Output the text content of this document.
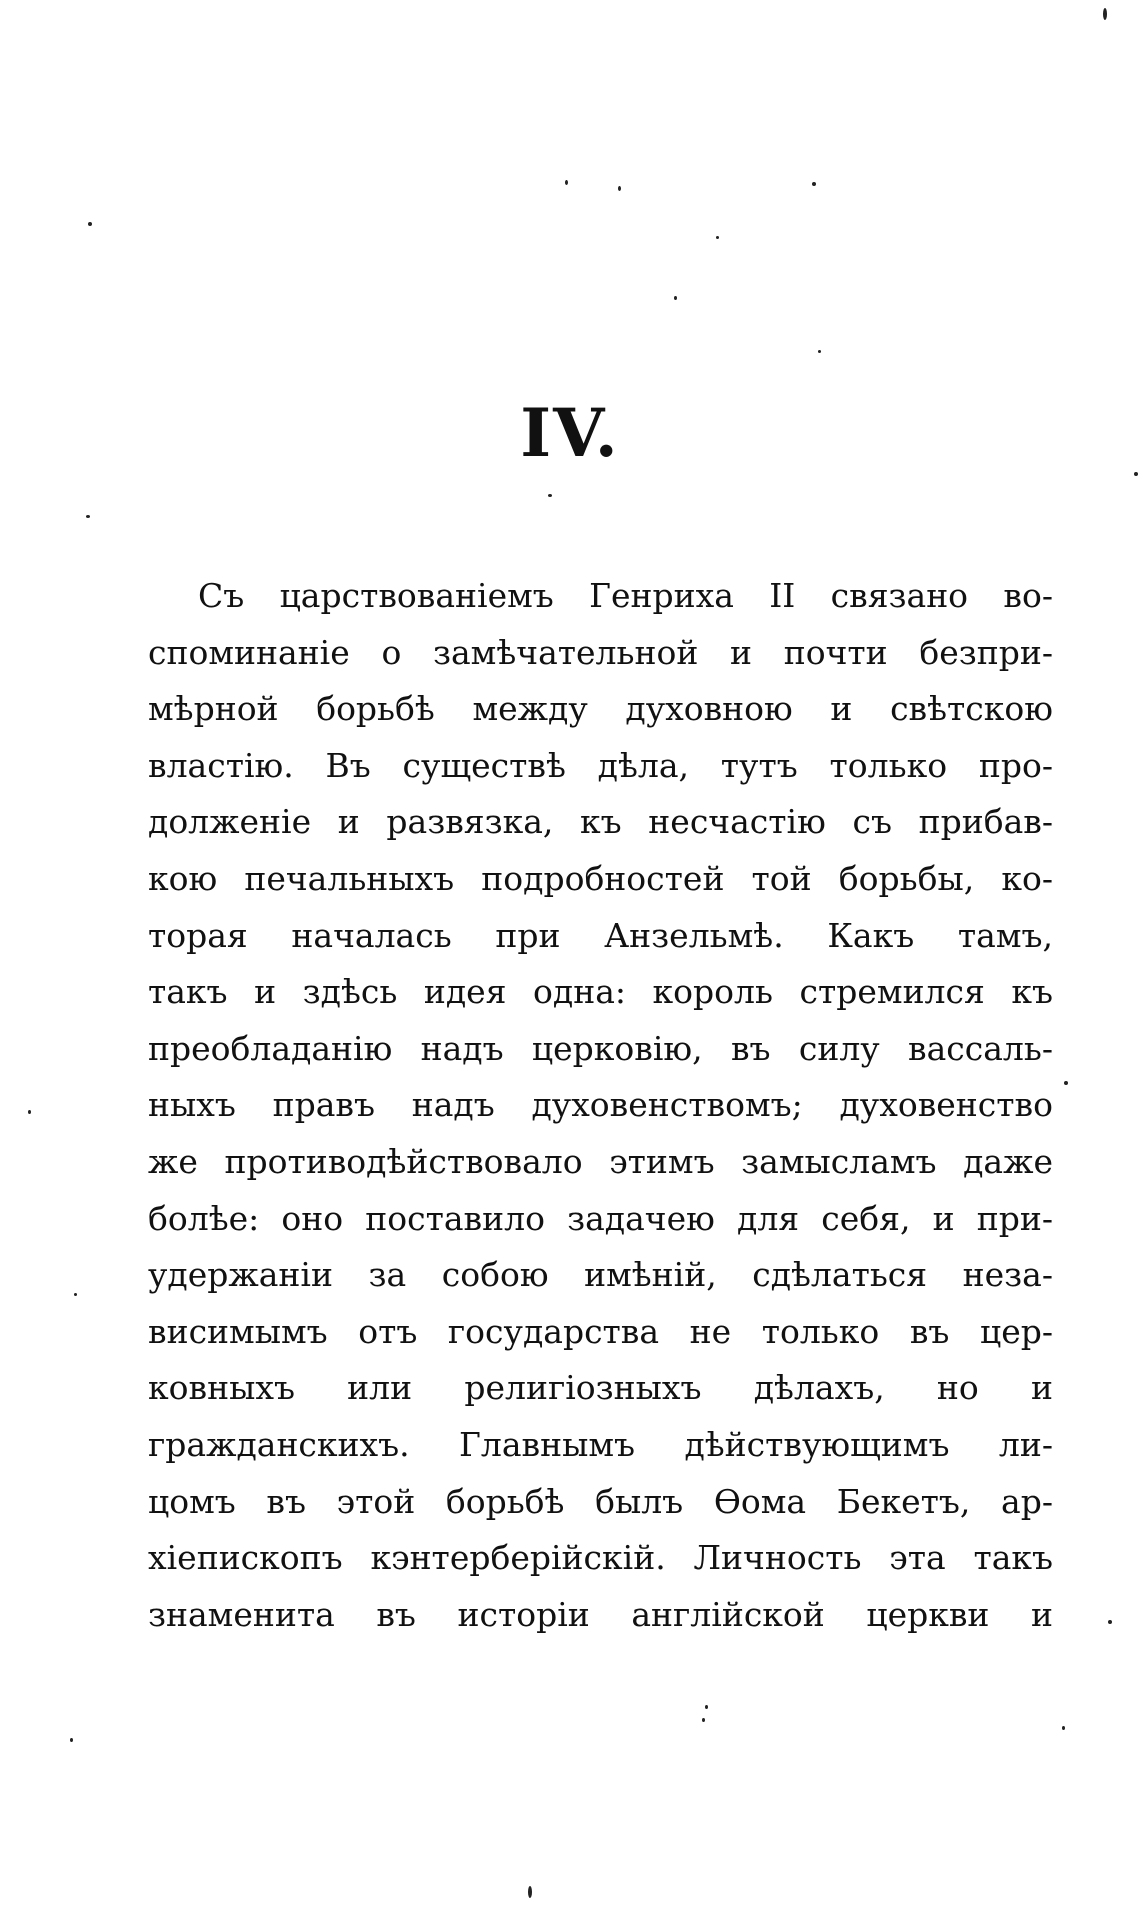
IV.
Съ царствованіемъ Генриха II связано во-
споминаніе о замѣчательной и почти безпри-
мѣрной борьбѣ между духовною и свѣтскою
властію. Въ существѣ дѣла, тутъ только про-
долженіе и развязка, къ несчастію съ прибав-
кою печальныхъ подробностей той борьбы, ко-
торая началась при Анзельмѣ. Какъ тамъ,
такъ и здѣсь идея одна: король стремился къ
преобладанію надъ церковію, въ силу вассаль-
ныхъ правъ надъ духовенствомъ; духовенство
же противодѣйствовало этимъ замысламъ даже
болѣе: оно поставило задачею для себя, и при-
удержаніи за собою имѣній, сдѣлаться неза-
висимымъ отъ государства не только въ цер-
ковныхъ или религіозныхъ дѣлахъ, но и
гражданскихъ. Главнымъ дѣйствующимъ ли-
цомъ въ этой борьбѣ былъ Ѳома Бекетъ, ар-
хіепископъ кэнтерберійскій. Личность эта такъ
знаменита въ исторіи англійской церкви и
